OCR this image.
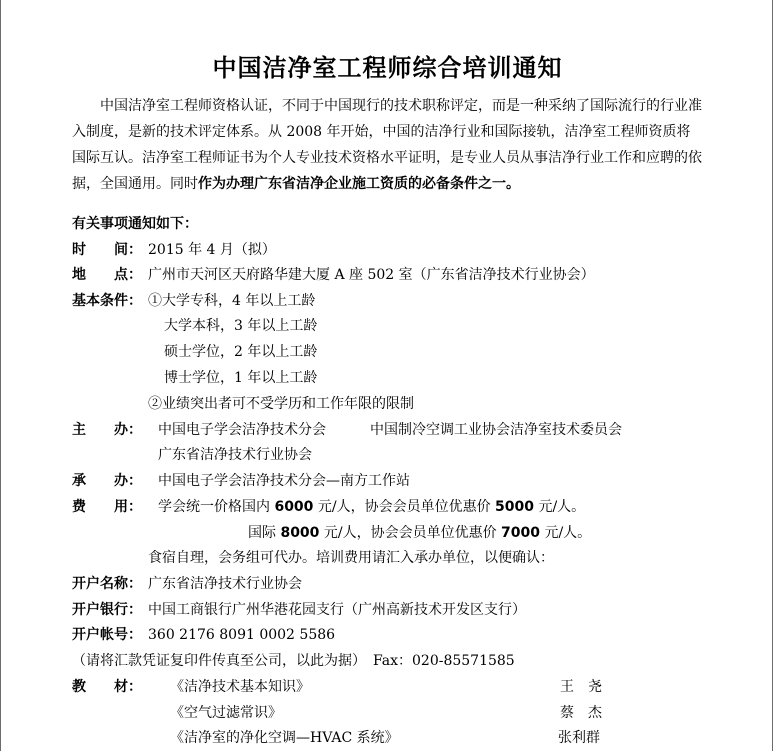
中国洁净室工程师综合培训通知
中国洁净室工程师资格认证，不同于中国现行的技术职称评定，而是一种采纳了国际流行的行业准入制度，是新的技术评定体系。从 2008 年开始，中国的洁净行业和国际接轨，洁净室工程师资质将国际互认。洁净室工程师证书为个人专业技术资格水平证明，是专业人员从事洁净行业工作和应聘的依据，全国通用。同时作为办理广东省洁净企业施工资质的必备条件之一。
有关事项通知如下：
时　　间： 2015 年 4 月（拟）
地　　点： 广州市天河区天府路华建大厦 A 座 502 室（广东省洁净技术行业协会）
基本条件： ①大学专科，4 年以上工龄
大学本科，3 年以上工龄
硕士学位，2 年以上工龄
博士学位，1 年以上工龄
②业绩突出者可不受学历和工作年限的限制
主　　办： 中国电子学会洁净技术分会	中国制冷空调工业协会洁净室技术委员会
广东省洁净技术行业协会
承　　办： 中国电子学会洁净技术分会—南方工作站
费　　用： 学会统一价格国内 6000 元/人，协会会员单位优惠价 5000 元/人。
国际 8000 元/人，协会会员单位优惠价 7000 元/人。
食宿自理，会务组可代办。培训费用请汇入承办单位，以便确认：
开户名称： 广东省洁净技术行业协会
开户银行： 中国工商银行广州华港花园支行（广州高新技术开发区支行）
开户帐号： 360 2176 8091 0002 5586
（请将汇款凭证复印件传真至公司，以此为据）　Fax：020-85571585
教　　材： 《洁净技术基本知识》	王　尧
《空气过滤常识》	蔡　杰
《洁净室的净化空调—HVAC 系统》	张利群
